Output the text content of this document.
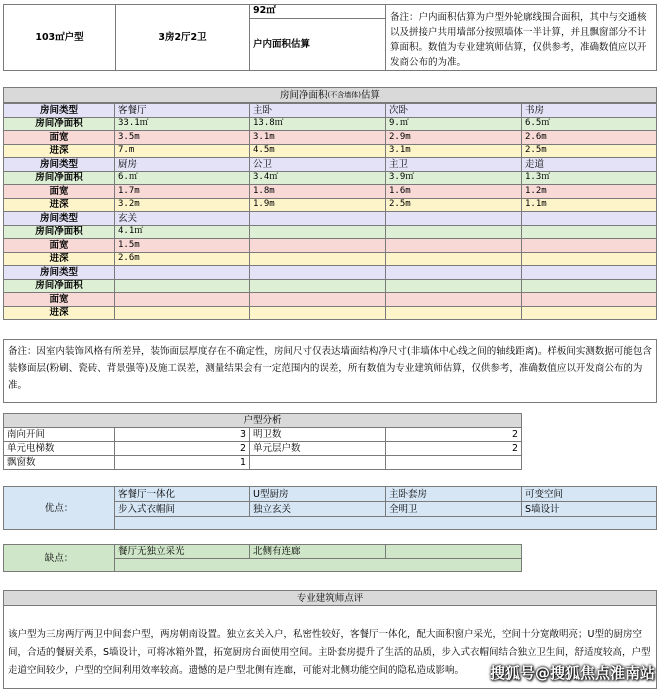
103㎡户型	3房2厅2卫
92㎡
户内面积估算
备注：户内面积估算为户型外轮廓线围合面积，其中与交通核以及拼接户共用墙部分按照墙体一半计算，并且飘窗部分不计算面积。数值为专业建筑师估算，仅供参考，准确数值应以开发商公布的为准。
房间净面积 (不含墙体) 估算
房间类型	客餐厅	主卧	次卧	书房
房间净面积	33.1㎡	13.8㎡	9.㎡	6.5㎡
面宽	3.5m	3.1m	2.9m	2.6m
进深	7.m	4.5m	3.1m	2.5m
房间类型	厨房	公卫	主卫	走道
房间净面积	6.㎡	3.4㎡	3.9㎡	1.3㎡
面宽	1.7m	1.8m	1.6m	1.2m
进深	3.2m	1.9m	2.5m	1.1m
房间类型	玄关
房间净面积	4.1㎡
面宽	1.5m
进深	2.6m
房间类型
房间净面积
面宽
进深
备注：因室内装饰风格有所差异，装饰面层厚度存在不确定性，房间尺寸仅表达墙面结构净尺寸(非墙体中心线之间的轴线距离)。样板间实测数据可能包含装修面层(粉刷、瓷砖、背景强等)及施工误差，测量结果会有一定范围内的误差，所有数值为专业建筑师估算，仅供参考，准确数值应以开发商公布的为准。
户型分析
南向开间	3 明卫数	2
单元电梯数	2 单元层户数	2
飘窗数	1
优点：
客餐厅一体化	U型厨房	主卧套房	可变空间
步入式衣帽间	独立玄关	全明卫	S墙设计
缺点：
餐厅无独立采光	北侧有连廊
专业建筑师点评
该户型为三房两厅两卫中间套户型，两房朝南设置。独立玄关入户，私密性较好，客餐厅一体化，配大面积窗户采光，空间十分宽敞明亮；U型的厨房空间，合适的餐厨关系，S墙设计，可将冰箱外置，拓宽厨房台面使用空间。主卧套房提升了生活的品质，步入式衣帽间结合独立卫生间，舒适度较高，户型走道空间较少，户型的空间利用效率较高。遗憾的是户型北侧有连廊，可能对北侧功能空间的隐私造成影响。	搜狐号@搜狐焦点淮南站
